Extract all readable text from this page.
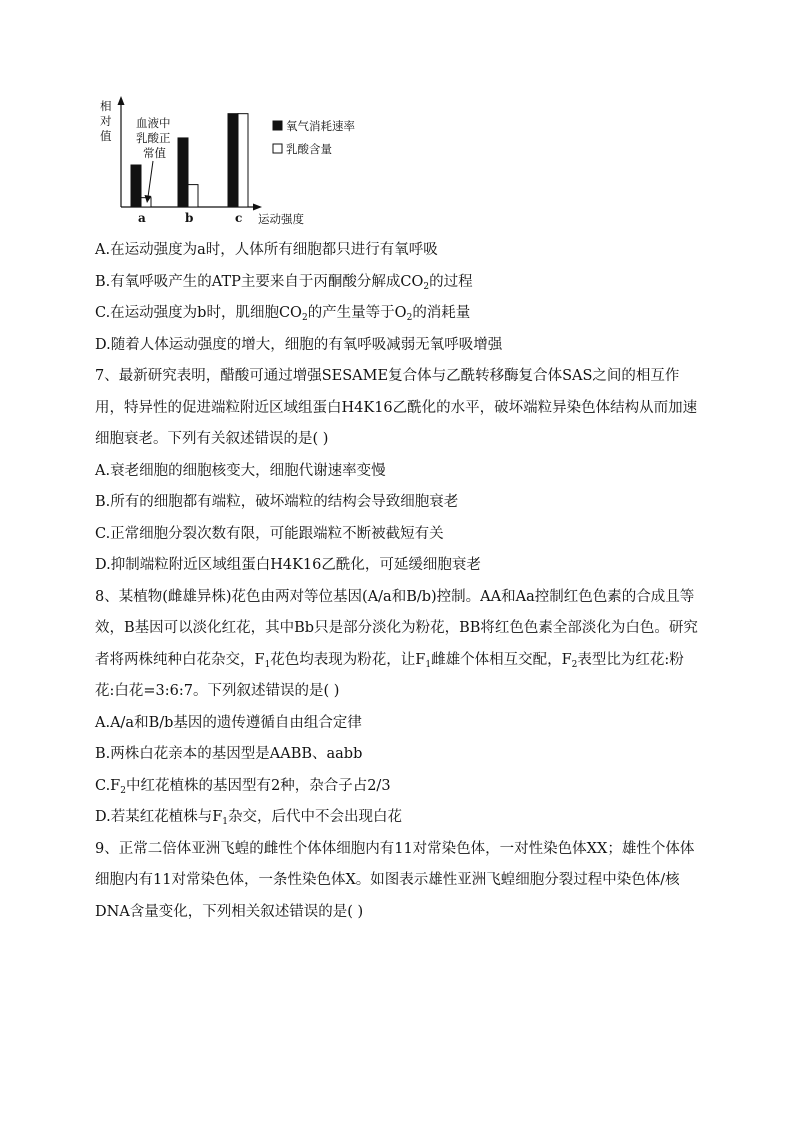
相
对
值
a	b	c 运动强度
血液中
乳酸正
常值
氧气消耗速率
乳酸含量
A.在运动强度为a时，人体所有细胞都只进行有氧呼吸
B.有氧呼吸产生的ATP主要来自于丙酮酸分解成$CO_2$的过程
C.在运动强度为b时，肌细胞$CO_2$的产生量等于$O_2$的消耗量
D.随着人体运动强度的增大，细胞的有氧呼吸减弱无氧呼吸增强
7、最新研究表明，醋酸可通过增强SESAME复合体与乙酰转移酶复合体SAS之间的相互作用，特异性的促进端粒附近区域组蛋白H4K16乙酰化的水平，破坏端粒异染色体结构从而加速细胞衰老。下列有关叙述错误的是( )
A.衰老细胞的细胞核变大，细胞代谢速率变慢
B.所有的细胞都有端粒，破坏端粒的结构会导致细胞衰老
C.正常细胞分裂次数有限，可能跟端粒不断被截短有关
D.抑制端粒附近区域组蛋白H4K16乙酰化，可延缓细胞衰老
8、某植物(雌雄异株)花色由两对等位基因(A/a和B/b)控制。AA和Aa控制红色色素的合成且等效，B基因可以淡化红花，其中Bb只是部分淡化为粉花，BB将红色色素全部淡化为白色。研究者将两株纯种白花杂交，$F_1$花色均表现为粉花，让$F_1$雌雄个体相互交配，$F_2$表型比为红花:粉花:白花=3:6:7。下列叙述错误的是( )
A.A/a和B/b基因的遗传遵循自由组合定律
B.两株白花亲本的基因型是AABB、aabb
$C.F_2$中红花植株的基因型有2种，杂合子占2/3
D.若某红花植株与$F_1$杂交，后代中不会出现白花
9、正常二倍体亚洲飞蝗的雌性个体体细胞内有11对常染色体，一对性染色体XX；雄性个体体细胞内有11对常染色体，一条性染色体X。如图表示雄性亚洲飞蝗细胞分裂过程中染色体/核DNA含量变化，下列相关叙述错误的是( )
